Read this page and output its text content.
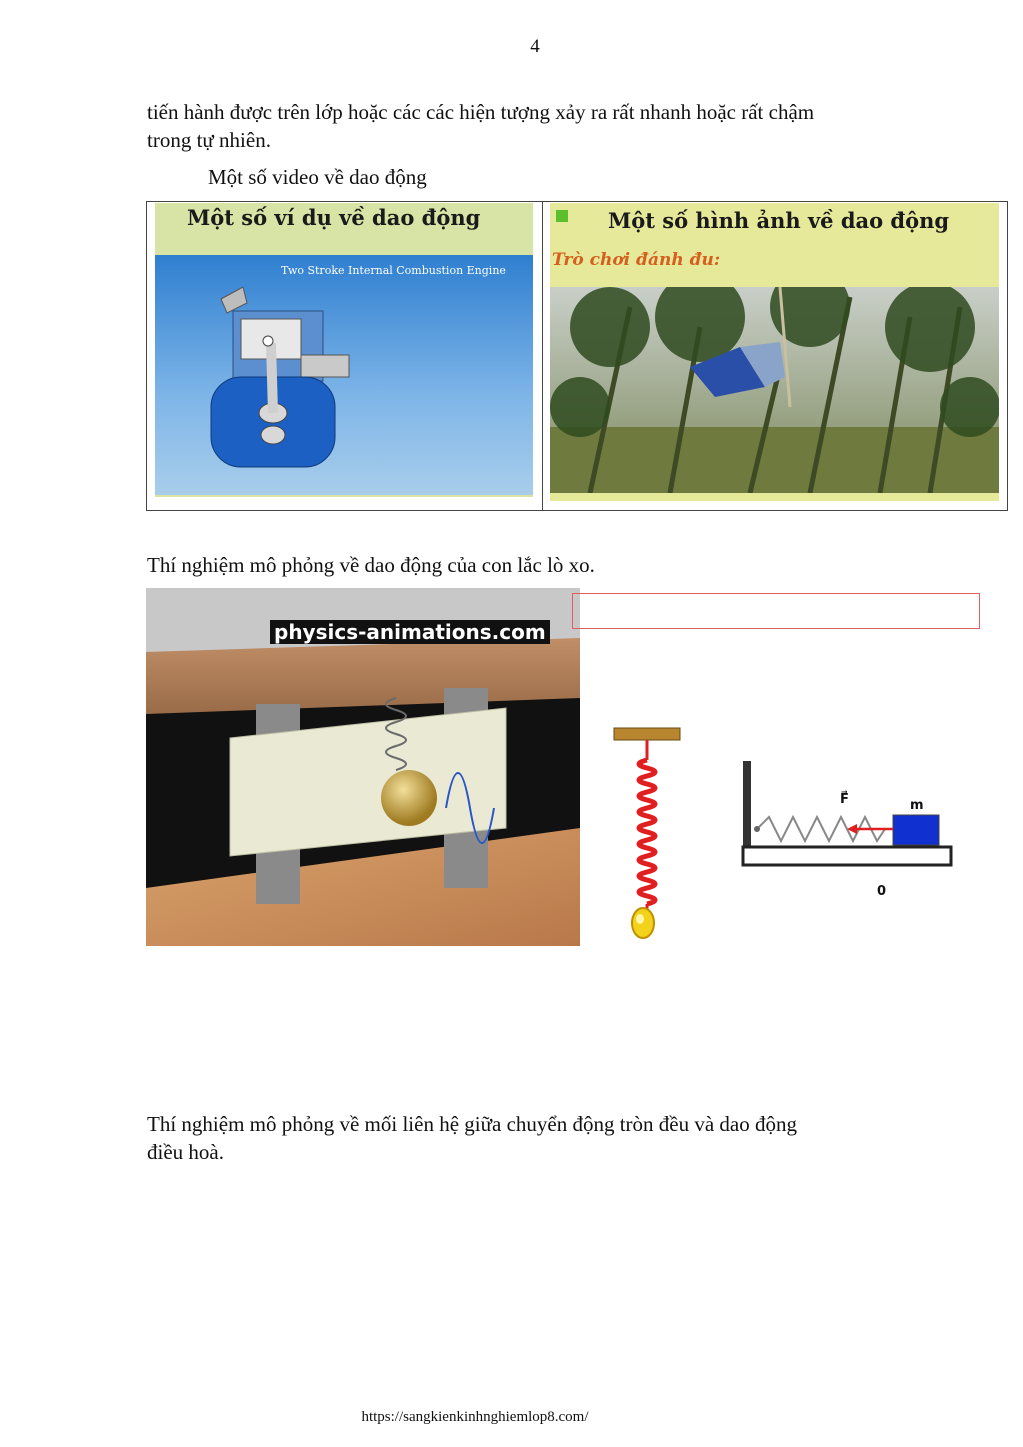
4
tiến hành được trên lớp hoặc các các hiện tượng xảy ra rất nhanh hoặc rất chậm
trong tự nhiên.
Một số video về dao động
Một số ví dụ về dao động
Two Stroke Internal Combustion Engine
Một số hình ảnh về dao động
Trò chơi đánh đu:
Thí nghiệm mô phỏng về dao động của con lắc lò xo.
physics-animations.com
F⃗	m
0
Thí nghiệm mô phỏng về mối liên hệ giữa chuyển động tròn đều và dao động
điều hoà.
https://sangkienkinhnghiemlop8.com/
